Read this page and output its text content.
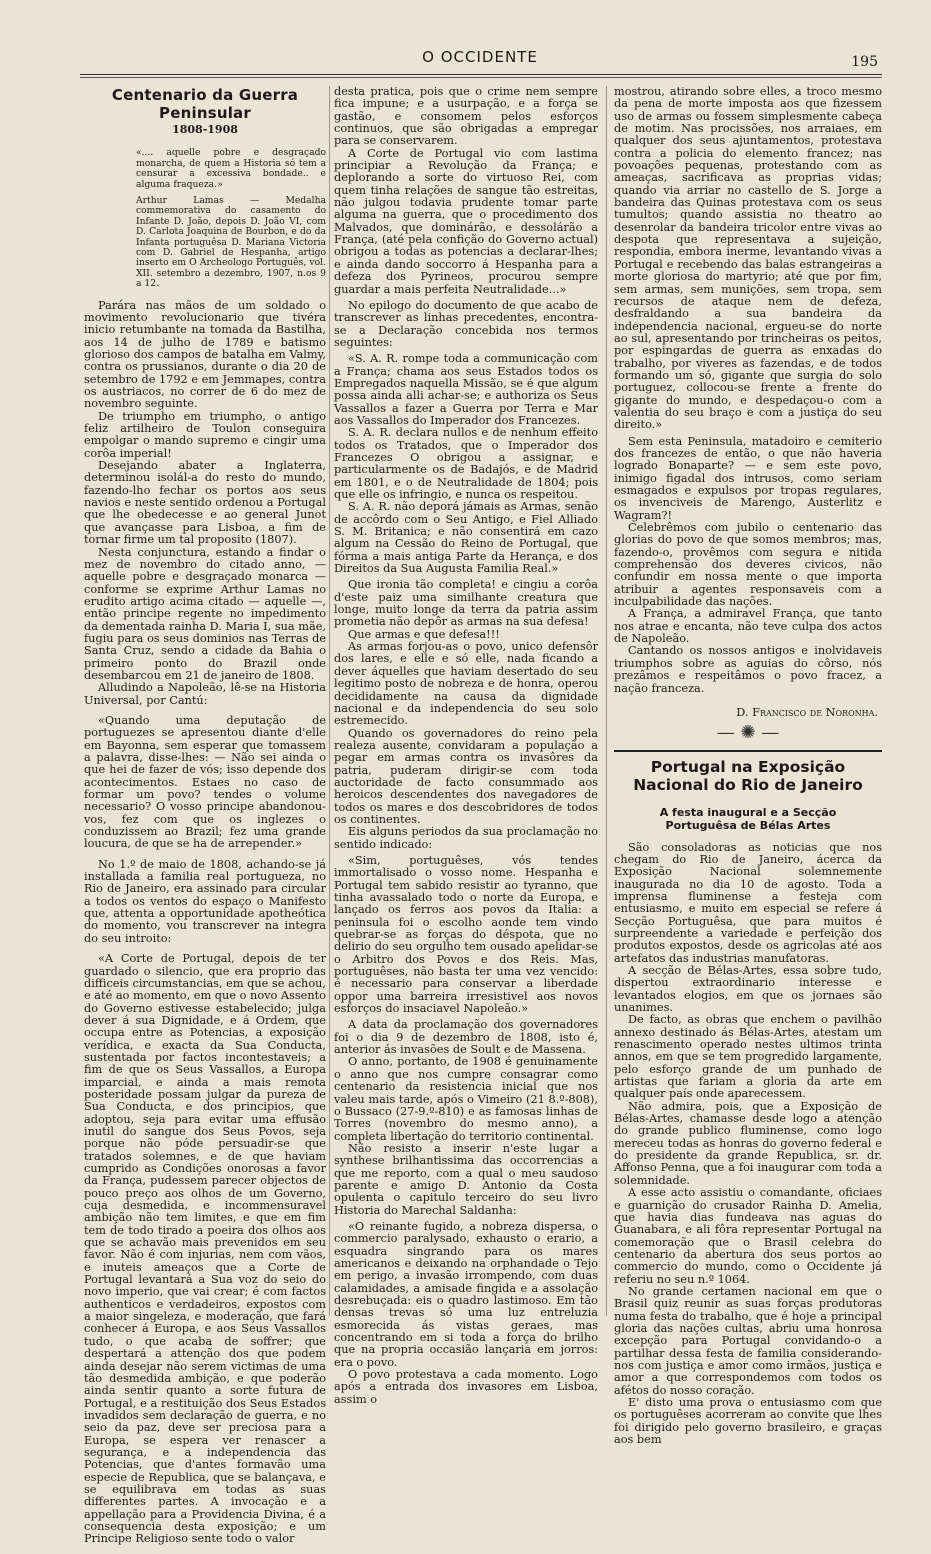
O OCCIDENTE	195
Centenario da Guerra Peninsular
1808-1908

«.... aquelle pobre e desgraçado monarcha, de quem a Historia só tem a censurar a excessiva bondade.. e alguma fraqueza.»

Arthur Lamas — Medalha commemorativa do casamento do Infante D. João, depois D. João VI, com D. Carlota Joaquina de Bourbon, e do da Infanta portuguêsa D. Mariana Victoria com D. Gabriel de Hespanha, artigo inserto em O Archeologo Português, vol. XII. setembro a dezembro, 1907, n.os 9 a 12.

Parára nas mãos de um soldado o movimento revolucionario que tivéra inicio retumbante na tomada da Bastilha, aos 14 de julho de 1789 e batismo glorioso dos campos de batalha em Valmy, contra os prussianos, durante o dia 20 de setembro de 1792 e em Jemmapes, contra os austriacos, no correr de 6 do mez de novembro seguinte.

De triumpho em triumpho, o antigo feliz artilheiro de Toulon conseguira empolgar o mando supremo e cingir uma corôa imperial!

Desejando abater a Inglaterra, determinou isolál-a do resto do mundo, fazendo-lho fechar os portos aos seus navios e neste sentido ordenou a Portugal que lhe obedecesse e ao general Junot que avançasse para Lisboa, a fim de tornar firme um tal proposito (1807).

Nesta conjunctura, estando a findar o mez de novembro do citado anno, — aquelle pobre e desgraçado monarca — conforme se exprime Arthur Lamas no erudito artigo acima citado — aquelle —, então principe regente no impedimento da dementada rainha D. Maria I, sua mãe, fugiu para os seus dominios nas Terras de Santa Cruz, sendo a cidade da Bahia o primeiro ponto do Brazil onde desembarcou em 21 de janeiro de 1808.

Alludindo a Napoleão, lê-se na Historia Universal, por Cantú:

«Quando uma deputação de portuguezes se apresentou diante d'elle em Bayonna, sem esperar que tomassem a palavra, disse-lhes: — Não sei ainda o que hei de fazer de vós; isso depende dos acontecimentos. Estaes no caso de formar um povo? tendes o volume necessario? O vosso principe abandonou-vos, fez com que os inglezes o conduzissem ao Brazil; fez uma grande loucura, de que se ha de arrepender.»

No 1.º de maio de 1808, achando-se já installada a familia real portugueza, no Rio de Janeiro, era assinado para circular a todos os ventos do espaço o Manifesto que, attenta a opportunidade apotheótica do momento, vou transcrever na integra do seu introito:

«A Corte de Portugal, depois de ter guardado o silencio, que era proprio das difficeis circumstancias, em que se achou, e até ao momento, em que o novo Assento do Governo estivesse estabelecido; julga dever á sua Dignidade, e á Ordem, que occupa entre as Potencias, a exposição verídica, e exacta da Sua Conducta, sustentada por factos incontestaveis; a fim de que os Seus Vassallos, a Europa imparcial, e ainda a mais remota posteridade possam julgar da pureza de Sua Conducta, e dos principios, que adoptou, seja para evitar uma effusão inutil do sangue dos Seus Povos, seja porque não póde persuadir-se que tratados solemnes, e de que haviam cumprido as Condições onorosas a favor da França, pudessem parecer objectos de pouco preço aos olhos de um Governo, cuja desmedida, e incommensuravel ambição não tem limites, e que em fim tem de todo tirado a poeira dos olhos aos que se achavão mais prevenidos em seu favor. Não é com injurias, nem com vãos, e inuteis ameaços que a Corte de Portugal levantará a Sua voz do seio do novo imperio, que vai crear; é com factos authenticos e verdadeiros, expostos com a maior singeleza, e moderação, que fará conhecer á Europa, e aos Seus Vassallos tudo, o que acaba de soffrer; que despertará a attenção dos que podem ainda desejar não serem victimas de uma tão desmedida ambição, e que poderão ainda sentir quanto a sorte futura de Portugal, e a restituição dos Seus Estados invadidos sem declaração de guerra, e no seio da paz, deve ser preciosa para a Europa, se espera ver renascer a segurança, e a independencia das Potencias, que d'antes formavão uma especie de Republica, que se balançava, e se equilibrava em todas as suas differentes partes. A invocação e a appellação para a Providencia Divina, é a consequencia desta exposição; e um Principe Religioso sente todo o valor

desta pratica, pois que o crime nem sempre fica impune; e a usurpação, e a força se gastão, e consomem pelos esforços continuos, que são obrigadas a empregar para se conservarem.

A Corte de Portugal vio com lastima principiar a Revolução da França; e deplorando a sorte do virtuoso Rei, com quem tinha relações de sangue tão estreitas, não julgou todavia prudente tomar parte alguma na guerra, que o procedimento dos Malvados, que dominárão, e dessolárão a França, (até pela confição do Governo actual) obrigou a todas as potencias a declarar-lhes; e ainda dando soccorro á Hespanha para a defeza dos Pyrineos, procurou sempre guardar a mais perfeita Neutralidade...»

No epilogo do documento de que acabo de transcrever as linhas precedentes, encontra-se a Declaração concebida nos termos seguintes:

«S. A. R. rompe toda a communicação com a França; chama aos seus Estados todos os Empregados naquella Missão, se é que algum possa ainda alli achar-se; e authoriza os Seus Vassallos a fazer a Guerra por Terra e Mar aos Vassallos do Imperador dos Francezes.

S. A. R. declara nullos e de nenhum effeito todos os Tratados, que o Imperador dos Francezes O obrigou a assignar, e particularmente os de Badajós, e de Madrid em 1801, e o de Neutralidade de 1804; pois que elle os infringio, e nunca os respeitou.

S. A. R. não deporá jámais as Armas, senão de accôrdo com o Seu Antigo, e Fiel Alliado S. M. Britanica; e não consentirá em cazo algum na Cessão do Reino de Portugal, que fórma a mais antiga Parte da Herança, e dos Direitos da Sua Augusta Familia Real.»

Que ironia tão completa! e cingiu a corôa d'este paiz uma similhante creatura que longe, muito longe da terra da patria assim prometia não depôr as armas na sua defesa!

Que armas e que defesa!!!

As armas forjou-as o povo, unico defensôr dos lares, e elle e só elle, nada ficando a dever áquelles que haviam desertado do seu legitimo posto de nobreza e de honra, operou decididamente na causa da dignidade nacional e da independencia do seu solo estremecido.

Quando os governadores do reino pela realeza ausente, convidaram a população a pegar em armas contra os invasôres da patria, puderam dirigir-se com toda auctoridade de facto consummado aos heroicos descendentes dos navegadores de todos os mares e dos descobridores de todos os continentes.

Eis alguns periodos da sua proclamação no sentido indicado:

«Sim, portuguêses, vós tendes immortalisado o vosso nome. Hespanha e Portugal tem sabido resistir ao tyranno, que tinha avassalado todo o norte da Europa, e lançado os ferros aos povos da Italia: a peninsula foi o escolho aonde tem vindo quebrar-se as forças do déspota, que no delirio do seu orgulho tem ousado apelidar-se o Arbitro dos Povos e dos Reis. Mas, portuguêses, não basta ter uma vez vencido: é necessario para conservar a liberdade oppor uma barreira irresistivel aos novos esforços do insaciavel Napoleão.»

A data da proclamação dos governadores foi o dia 9 de dezembro de 1808, isto é, anterior ás invasões de Soult e de Massena.

O anno, portanto, de 1908 é genuinamente o anno que nos cumpre consagrar como centenario da resistencia inicial que nos valeu mais tarde, após o Vimeiro (21 8.º-808), o Bussaco (27-9.º-810) e as famosas linhas de Torres (novembro do mesmo anno), a completa libertação do territorio continental.

Não resisto a inserir n'este lugar a synthese brilhantissima das occorrencias a que me reporto, com a qual o meu saudoso parente e amigo D. Antonio da Costa opulenta o capitulo terceiro do seu livro Historia do Marechal Saldanha:

«O reinante fugido, a nobreza dispersa, o commercio paralysado, exhausto o erario, a esquadra singrando para os mares americanos e deixando na orphandade o Tejo em perigo, a invasão irrompendo, com duas calamidades, a amisade fingida e a assolação desrebuçada: eis o quadro lastimoso. Em tão densas trevas só uma luz entreluzia esmorecida ás vistas geraes, mas concentrando em si toda a força do brilho que na propria occasião lançaria em jorros: era o povo.

O povo protestava a cada momento. Logo após a entrada dos invasores em Lisboa, assim o

mostrou, atirando sobre elles, a troco mesmo da pena de morte imposta aos que fizessem uso de armas ou fossem simplesmente cabeça de motim. Nas procissões, nos arraiaes, em qualquer dos seus ajuntamentos, protestava contra a policia do elemento francez; nas povoações pequenas, protestando com as ameaças, sacrificava as proprias vidas; quando via arriar no castello de S. Jorge a bandeira das Quinas protestava com os seus tumultos; quando assistia no theatro ao desenrolar da bandeira tricolor entre vivas ao despota que representava a sujeição, respondia, embora inerme, levantando vivas a Portugal e recebendo das balas estrangeiras a morte gloriosa do martyrio; até que por fim, sem armas, sem munições, sem tropa, sem recursos de ataque nem de defeza, desfraldando a sua bandeira da independencia nacional, ergueu-se do norte ao sul, apresentando por trincheiras os peitos, por espingardas de guerra as enxadas do trabalho, por viveres as fazendas, e de todos formando um só, gigante que surgia do solo portuguez, collocou-se frente a frente do gigante do mundo, e despedaçou-o com a valentia do seu braço e com a justiça do seu direito.»

Sem esta Peninsula, matadoiro e cemiterio dos francezes de então, o que não haveria logrado Bonaparte? — e sem este povo, inimigo figadal dos intrusos, como seriam esmagados e expulsos por tropas regulares, os invenciveis de Marengo, Austerlitz e Wagram?!

Celebrêmos com jubilo o centenario das glorias do povo de que somos membros; mas, fazendo-o, provêmos com segura e nitida comprehensão dos deveres civicos, não confundir em nossa mente o que importa atribuir a agentes responsaveis com a inculpabilidade das nações.

A França, a admiravel França, que tanto nos atrae e encanta, não teve culpa dos actos de Napoleão.

Cantando os nossos antigos e inolvidaveis triumphos sobre as aguias do côrso, nós prezâmos e respeitâmos o povo fracez, a nação franceza.

D. Francisco de Noronha.

— ✺ —
Portugal na Exposição Nacional do Rio de Janeiro
A festa inaugural e a Secção Portuguêsa de Bélas Artes

São consoladoras as noticias que nos chegam do Rio de Janeiro, ácerca da Exposição Nacional solemnemente inaugurada no dia 10 de agosto. Toda a imprensa fluminense a festeja com entusiasmo, e muito em especial se refere á Secção Portuguêsa, que para muitos é surpreendente a variedade e perfeição dos produtos expostos, desde os agricolas até aos artefatos das industrias manufatoras.

A secção de Bélas-Artes, essa sobre tudo, dispertou extraordinario interesse e levantados elogios, em que os jornaes são unanimes.

De facto, as obras que enchem o pavilhão annexo destinado ás Bélas-Artes, atestam um renascimento operado nestes ultimos trinta annos, em que se tem progredido largamente, pelo esforço grande de um punhado de artistas que fariam a gloria da arte em qualquer país onde aparecessem.

Não admira, pois, que a Exposição de Bélas-Artes, chamasse desde logo a atenção do grande publico fluminense, como logo mereceu todas as honras do governo federal e do presidente da grande Republica, sr. dr. Affonso Penna, que a foi inaugurar com toda a solemnidade.

A esse acto assistiu o comandante, oficiaes e guarnição do crusador Rainha D. Amelia, que havia dias fundeava nas aguas do Guanabara, e ali fôra representar Portugal na comemoração que o Brasil celebra do centenario da abertura dos seus portos ao commercio do mundo, como o Occidente já referiu no seu n.º 1064.

No grande certamen nacional em que o Brasil quiz reunir as suas forças produtoras numa festa do trabalho, que é hoje a principal gloria das nações cultas, abriu uma honrosa excepção para Portugal convidando-o a partilhar dessa festa de familia considerando-nos com justiça e amor como irmãos, justiça e amor a que correspondemos com todos os afétos do nosso coração.

E' disto uma prova o entusiasmo com que os portuguêses acorreram ao convite que lhes foi dirigido pelo governo brasileiro, e graças aos bem
